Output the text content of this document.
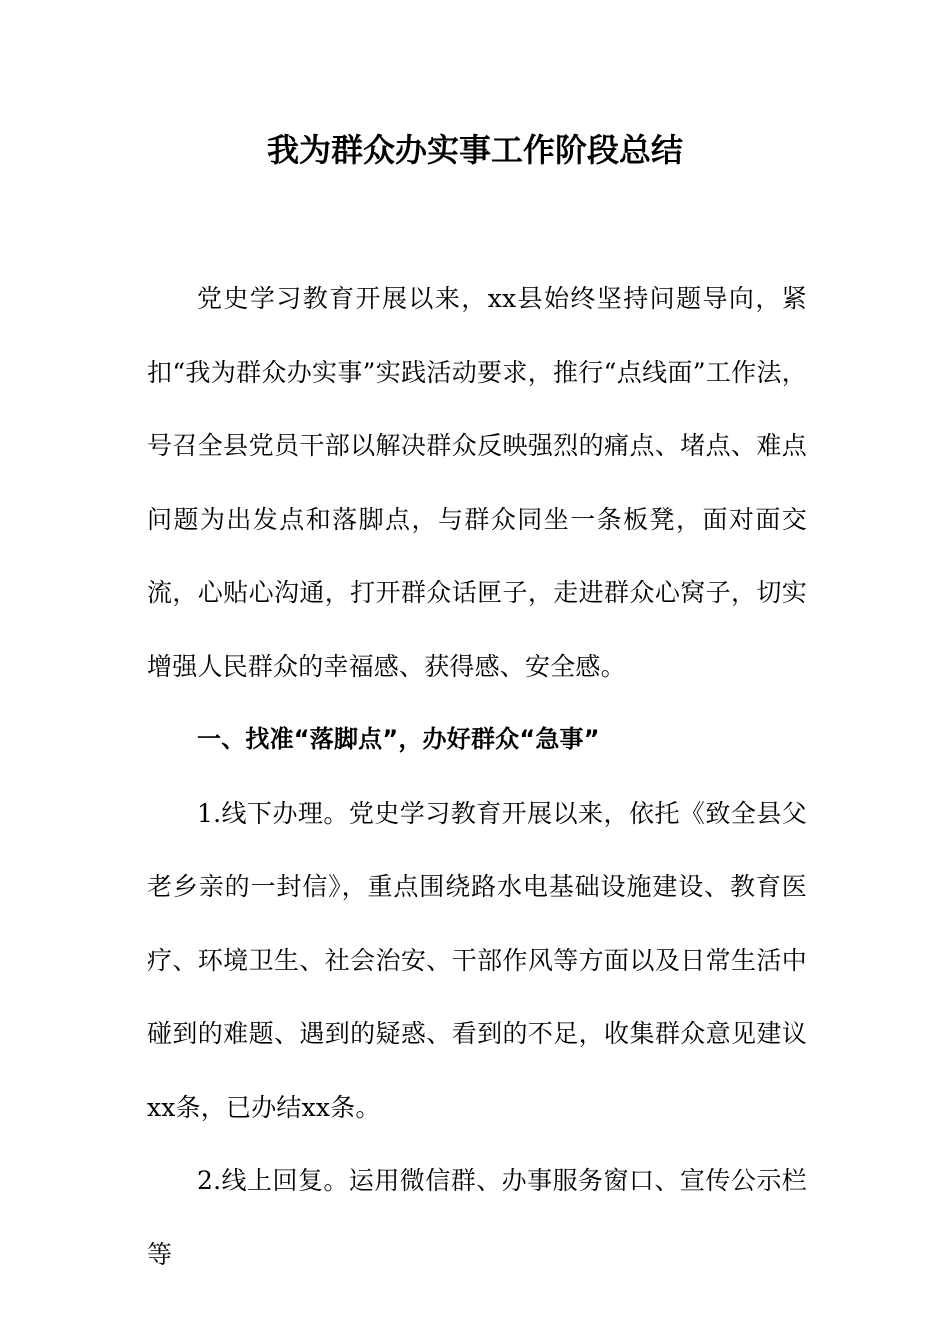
我为群众办实事工作阶段总结

党史学习教育开展以来，xx县始终坚持问题导向，紧扣“我为群众办实事”实践活动要求，推行“点线面”工作法，号召全县党员干部以解决群众反映强烈的痛点、堵点、难点问题为出发点和落脚点，与群众同坐一条板凳，面对面交流，心贴心沟通，打开群众话匣子，走进群众心窝子，切实增强人民群众的幸福感、获得感、安全感。

一、找准“落脚点”，办好群众“急事”

1.线下办理。党史学习教育开展以来，依托《致全县父老乡亲的一封信》，重点围绕路水电基础设施建设、教育医疗、环境卫生、社会治安、干部作风等方面以及日常生活中碰到的难题、遇到的疑惑、看到的不足，收集群众意见建议xx条，已办结xx条。

2.线上回复。运用微信群、办事服务窗口、宣传公示栏等
